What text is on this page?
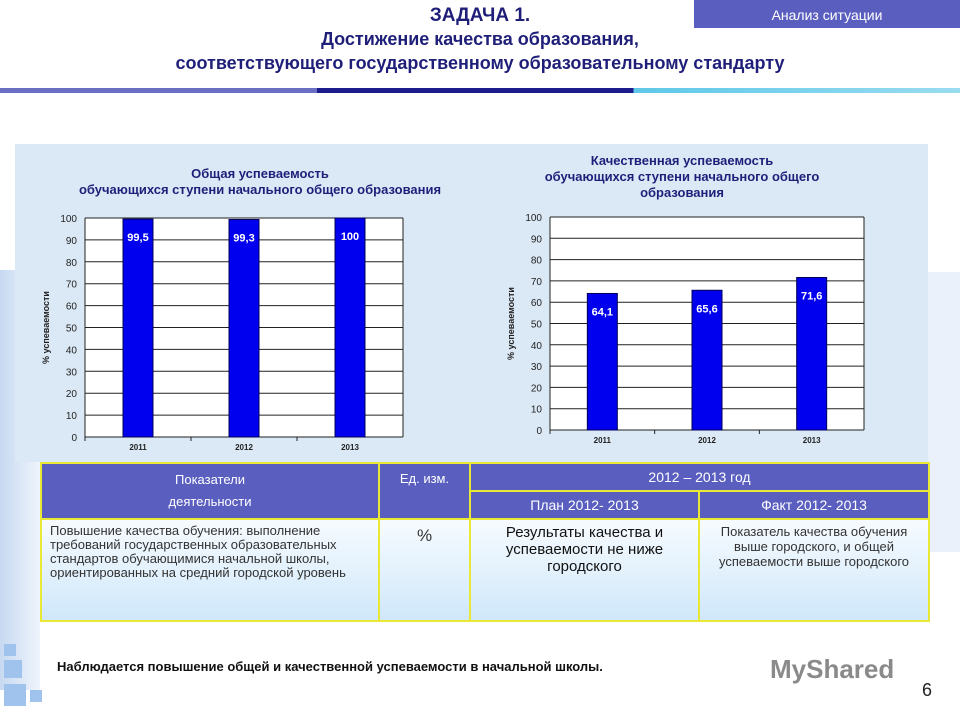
ЗАДАЧА 1.
Достижение качества образования,
соответствующего государственному образовательному стандарту
Анализ ситуации
Общая успеваемость
обучающихся ступени начального общего образования
0
10
20
30
40
50
60
70
80
90
100
99,5
2011
99,3
2012
100
2013
% успеваемости
Качественная успеваемость
обучающихся ступени начального общего
образования
0
10
20
30
40
50
60
70
80
90
100
64,1
2011
65,6
2012
71,6
2013
% успеваемости
Показатели
деятельности	Ед. изм.	2012 – 2013 год	
		План 2012- 2013	Факт 2012- 2013
Повышение качества обучения: выполнение требований государственных образовательных стандартов обучающимися начальной школы, ориентированных на средний городской уровень	%	Результаты качества и успеваемости не ниже городского	Показатель качества обучения выше городского, и общей успеваемости выше городского
Наблюдается повышение общей и качественной успеваемости в начальной школы.	MyShared
6
